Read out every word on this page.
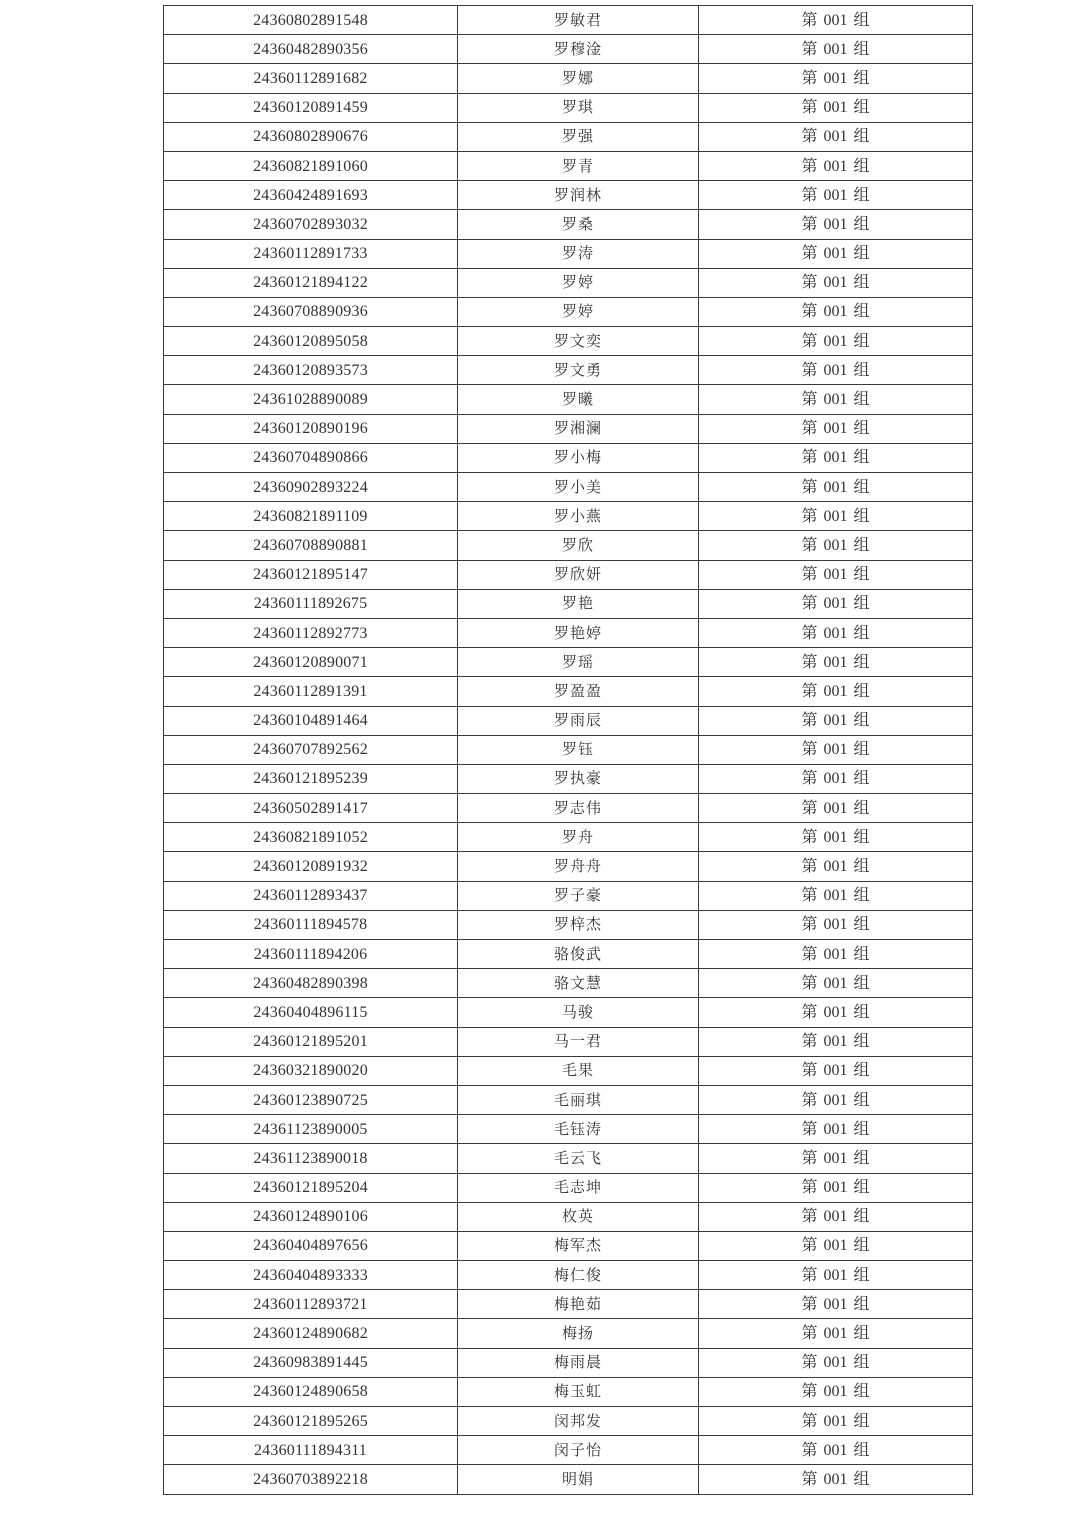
24360802891548	罗敏君	第 001 组
24360482890356	罗穆淦	第 001 组
24360112891682	罗娜	第 001 组
24360120891459	罗琪	第 001 组
24360802890676	罗强	第 001 组
24360821891060	罗青	第 001 组
24360424891693	罗润林	第 001 组
24360702893032	罗桑	第 001 组
24360112891733	罗涛	第 001 组
24360121894122	罗婷	第 001 组
24360708890936	罗婷	第 001 组
24360120895058	罗文奕	第 001 组
24360120893573	罗文勇	第 001 组
24361028890089	罗曦	第 001 组
24360120890196	罗湘澜	第 001 组
24360704890866	罗小梅	第 001 组
24360902893224	罗小美	第 001 组
24360821891109	罗小燕	第 001 组
24360708890881	罗欣	第 001 组
24360121895147	罗欣妍	第 001 组
24360111892675	罗艳	第 001 组
24360112892773	罗艳婷	第 001 组
24360120890071	罗瑶	第 001 组
24360112891391	罗盈盈	第 001 组
24360104891464	罗雨辰	第 001 组
24360707892562	罗钰	第 001 组
24360121895239	罗执豪	第 001 组
24360502891417	罗志伟	第 001 组
24360821891052	罗舟	第 001 组
24360120891932	罗舟舟	第 001 组
24360112893437	罗子豪	第 001 组
24360111894578	罗梓杰	第 001 组
24360111894206	骆俊武	第 001 组
24360482890398	骆文慧	第 001 组
24360404896115	马骏	第 001 组
24360121895201	马一君	第 001 组
24360321890020	毛果	第 001 组
24360123890725	毛丽琪	第 001 组
24361123890005	毛钰涛	第 001 组
24361123890018	毛云飞	第 001 组
24360121895204	毛志坤	第 001 组
24360124890106	枚英	第 001 组
24360404897656	梅军杰	第 001 组
24360404893333	梅仁俊	第 001 组
24360112893721	梅艳茹	第 001 组
24360124890682	梅扬	第 001 组
24360983891445	梅雨晨	第 001 组
24360124890658	梅玉虹	第 001 组
24360121895265	闵邦发	第 001 组
24360111894311	闵子怡	第 001 组
24360703892218	明娟	第 001 组
